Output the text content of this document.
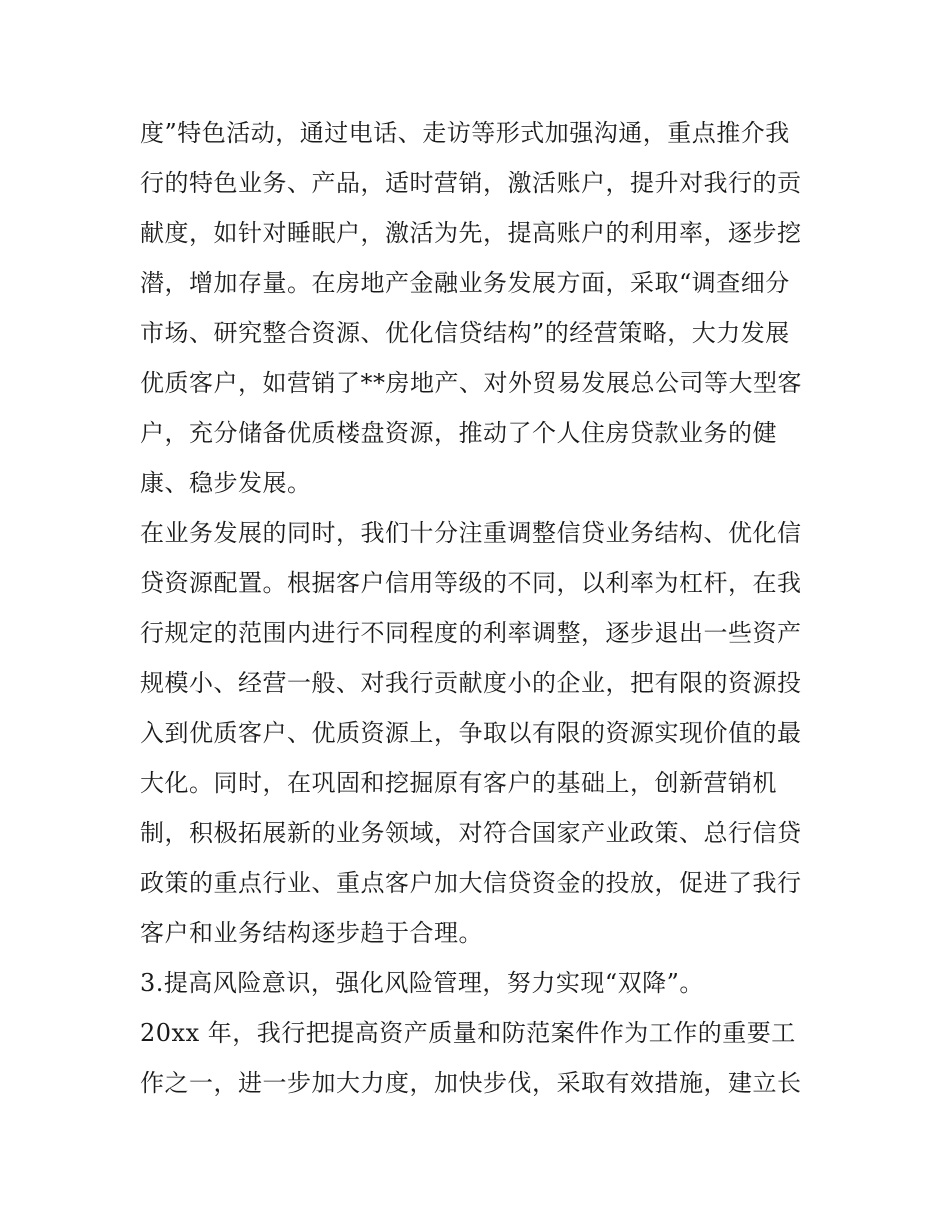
度”特色活动，通过电话、走访等形式加强沟通，重点推介我
行的特色业务、产品，适时营销，激活账户，提升对我行的贡
献度，如针对睡眠户，激活为先，提高账户的利用率，逐步挖
潜，增加存量。在房地产金融业务发展方面，采取“调查细分
市场、研究整合资源、优化信贷结构”的经营策略，大力发展
优质客户，如营销了**房地产、对外贸易发展总公司等大型客
户，充分储备优质楼盘资源，推动了个人住房贷款业务的健
康、稳步发展。
在业务发展的同时，我们十分注重调整信贷业务结构、优化信
贷资源配置。根据客户信用等级的不同，以利率为杠杆，在我
行规定的范围内进行不同程度的利率调整，逐步退出一些资产
规模小、经营一般、对我行贡献度小的企业，把有限的资源投
入到优质客户、优质资源上，争取以有限的资源实现价值的最
大化。同时，在巩固和挖掘原有客户的基础上，创新营销机
制，积极拓展新的业务领域，对符合国家产业政策、总行信贷
政策的重点行业、重点客户加大信贷资金的投放，促进了我行
客户和业务结构逐步趋于合理。
3.提高风险意识，强化风险管理，努力实现“双降”。
20xx 年，我行把提高资产质量和防范案件作为工作的重要工
作之一，进一步加大力度，加快步伐，采取有效措施，建立长
